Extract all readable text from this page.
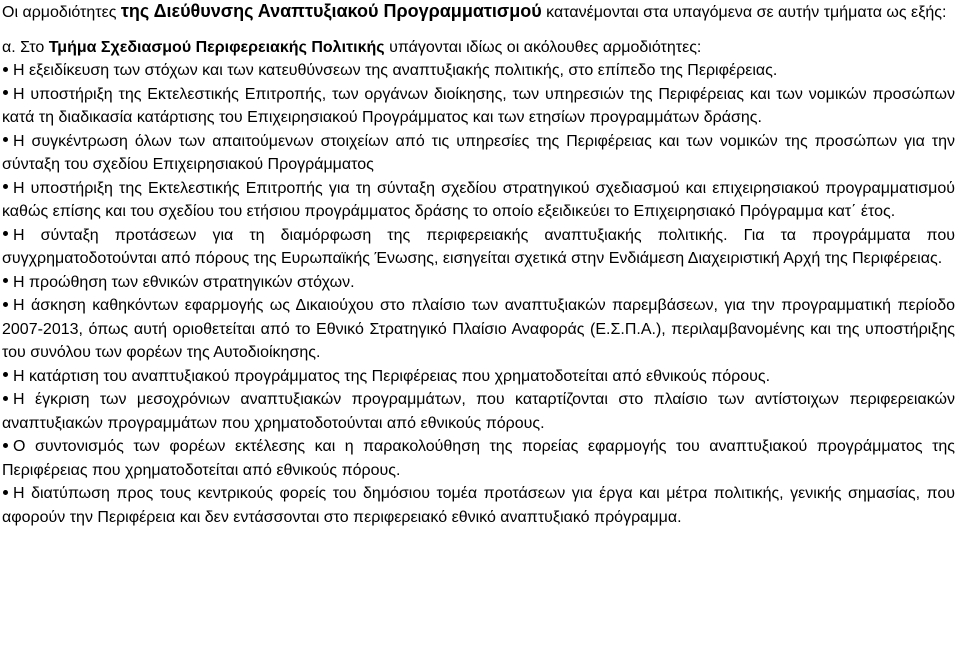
Οι αρμοδιότητες της Διεύθυνσης Αναπτυξιακού Προγραμματισμού κατανέμονται στα υπαγόμενα σε αυτήν τμήματα ως εξής:

α. Στο Τμήμα Σχεδιασμού Περιφερειακής Πολιτικής υπάγονται ιδίως οι ακόλουθες αρμοδιότητες:

Η εξειδίκευση των στόχων και των κατευθύνσεων της αναπτυξιακής πολιτικής, στο επίπεδο της Περιφέρειας.

Η υποστήριξη της Εκτελεστικής Επιτροπής, των οργάνων διοίκησης, των υπηρεσιών της Περιφέρειας και των νομικών προσώπων κατά τη διαδικασία κατάρτισης του Επιχειρησιακού Προγράμματος και των ετησίων προγραμμάτων δράσης.

Η συγκέντρωση όλων των απαιτούμενων στοιχείων από τις υπηρεσίες της Περιφέρειας και των νομικών της προσώπων για την σύνταξη του σχεδίου Επιχειρησιακού Προγράμματος

Η υποστήριξη της Εκτελεστικής Επιτροπής για τη σύνταξη σχεδίου στρατηγικού σχεδιασμού και επιχειρησιακού προγραμματισμού καθώς επίσης και του σχεδίου του ετήσιου προγράμματος δράσης το οποίο εξειδικεύει το Επιχειρησιακό Πρόγραμμα κατ΄ έτος.

Η σύνταξη προτάσεων για τη διαμόρφωση της περιφερειακής αναπτυξιακής πολιτικής. Για τα προγράμματα που συγχρηματοδοτούνται από πόρους της Ευρωπαϊκής Ένωσης, εισηγείται σχετικά στην Ενδιάμεση Διαχειριστική Αρχή της Περιφέρειας.

Η προώθηση των εθνικών στρατηγικών στόχων.

Η άσκηση καθηκόντων εφαρμογής ως Δικαιούχου στο πλαίσιο των αναπτυξιακών παρεμβάσεων, για την προγραμματική περίοδο 2007-2013, όπως αυτή οριοθετείται από το Εθνικό Στρατηγικό Πλαίσιο Αναφοράς (Ε.Σ.Π.Α.), περιλαμβανομένης και της υποστήριξης του συνόλου των φορέων της Αυτοδιοίκησης.

Η κατάρτιση του αναπτυξιακού προγράμματος της Περιφέρειας που χρηματοδοτείται από εθνικούς πόρους.

Η έγκριση των μεσοχρόνιων αναπτυξιακών προγραμμάτων, που καταρτίζονται στο πλαίσιο των αντίστοιχων περιφερειακών αναπτυξιακών προγραμμάτων που χρηματοδοτούνται από εθνικούς πόρους.

Ο συντονισμός των φορέων εκτέλεσης και η παρακολούθηση της πορείας εφαρμογής του αναπτυξιακού προγράμματος της Περιφέρειας που χρηματοδοτείται από εθνικούς πόρους.

Η διατύπωση προς τους κεντρικούς φορείς του δημόσιου τομέα προτάσεων για έργα και μέτρα πολιτικής, γενικής σημασίας, που αφορούν την Περιφέρεια και δεν εντάσσονται στο περιφερειακό εθνικό αναπτυξιακό πρόγραμμα.
